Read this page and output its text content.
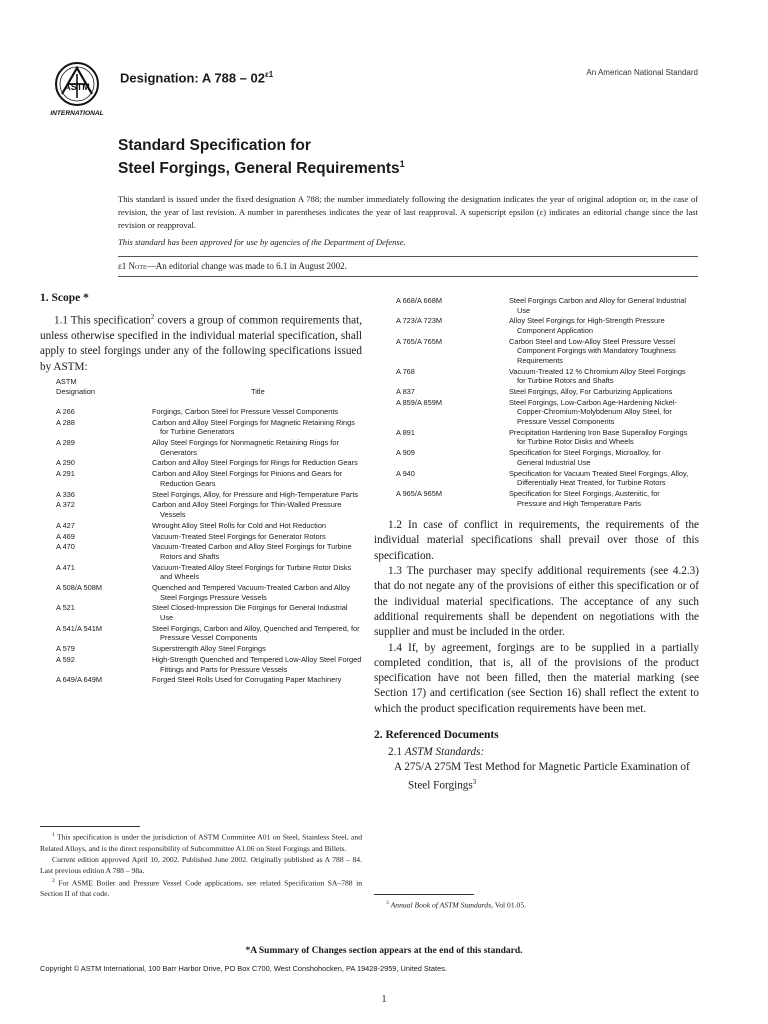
ASTM
INTERNATIONAL
Designation: A $788 - 02^{\varepsilon 1}$	An American National Standard
Standard Specification for
Steel Forgings, General Requirements$^1$
This standard is issued under the fixed designation A 788; the number immediately following the designation indicates the year of original adoption or, in the case of revision, the year of last revision. A number in parentheses indicates the year of last reapproval. A superscript epsilon (ε) indicates an editorial change since the last revision or reapproval.
This standard has been approved for use by agencies of the Department of Defense.
ε1 Note—An editorial change was made to 6.1 in August 2002.
1. Scope *

1.1 This specification$^2$ covers a group of common requirements that, unless otherwise specified in the individual material specification, shall apply to steel forgings under any of the following specifications issued by ASTM:

ASTM
Designation	Title
A 266	Forgings, Carbon Steel for Pressure Vessel Components
A 288	Carbon and Alloy Steel Forgings for Magnetic Retaining Rings for Turbine Generators
A 289	Alloy Steel Forgings for Nonmagnetic Retaining Rings for Generators
A 290	Carbon and Alloy Steel Forgings for Rings for Reduction Gears
A 291	Carbon and Alloy Steel Forgings for Pinions and Gears for Reduction Gears
A 336	Steel Forgings, Alloy, for Pressure and High-Temperature Parts
A 372	Carbon and Alloy Steel Forgings for Thin-Walled Pressure Vessels
A 427	Wrought Alloy Steel Rolls for Cold and Hot Reduction
A 469	Vacuum-Treated Steel Forgings for Generator Rotors
A 470	Vacuum-Treated Carbon and Alloy Steel Forgings for Turbine Rotors and Shafts
A 471	Vacuum-Treated Alloy Steel Forgings for Turbine Rotor Disks and Wheels
A 508/A 508M	Quenched and Tempered Vacuum-Treated Carbon and Alloy Steel Forgings Pressure Vessels
A 521	Steel Closed-Impression Die Forgings for General Industrial Use
A 541/A 541M	Steel Forgings, Carbon and Alloy, Quenched and Tempered, for Pressure Vessel Components
A 579	Superstrength Alloy Steel Forgings
A 592	High-Strength Quenched and Tempered Low-Alloy Steel Forged Fittings and Parts for Pressure Vessels
A 649/A 649M	Forged Steel Rolls Used for Corrugating Paper Machinery
A 668/A 668M	Steel Forgings Carbon and Alloy for General Industrial Use
A 723/A 723M	Alloy Steel Forgings for High-Strength Pressure Component Application
A 765/A 765M	Carbon Steel and Low-Alloy Steel Pressure Vessel Component Forgings with Mandatory Toughness Requirements
A 768	Vacuum-Treated 12 % Chromium Alloy Steel Forgings for Turbine Rotors and Shafts
A 837	Steel Forgings, Alloy, For Carburizing Applications
A 859/A 859M	Steel Forgings, Low-Carbon Age-Hardening Nickel-Copper-Chromium-Molybdenum Alloy Steel, for Pressure Vessel Components
A 891	Precipitation Hardening Iron Base Superalloy Forgings for Turbine Rotor Disks and Wheels
A 909	Specification for Steel Forgings, Microalloy, for General Industrial Use
A 940	Specification for Vacuum Treated Steel Forgings, Alloy, Differentially Heat Treated, for Turbine Rotors
A 965/A 965M	Specification for Steel Forgings, Austenitic, for Pressure and High Temperature Parts

1.2 In case of conflict in requirements, the requirements of the individual material specifications shall prevail over those of this specification.

1.3 The purchaser may specify additional requirements (see 4.2.3) that do not negate any of the provisions of either this specification or of the individual material specifications. The acceptance of any such additional requirements shall be dependent on negotiations with the supplier and must be included in the order.

1.4 If, by agreement, forgings are to be supplied in a partially completed condition, that is, all of the provisions of the product specification have not been filled, then the material marking (see Section 17) and certification (see Section 16) shall reflect the extent to which the product specification requirements have been met.

2. Referenced Documents

2.1 ASTM Standards:

A 275/A 275M Test Method for Magnetic Particle Examination of Steel Forgings$^3$

$^1$ This specification is under the jurisdiction of ASTM Committee A01 on Steel, Stainless Steel, and Related Alloys, and is the direct responsibility of Subcommittee A1.06 on Steel Forgings and Billets.

Current edition approved April 10, 2002. Published June 2002. Originally published as A 788 – 84. Last previous edition A 788 – 98a.

$^2$ For ASME Boiler and Pressure Vessel Code applications, see related Specification SA–788 in Section II of that code.

$^3$ Annual Book of ASTM Standards, Vol 01.05.

*A Summary of Changes section appears at the end of this standard.
Copyright © ASTM International, 100 Barr Harbor Drive, PO Box C700, West Conshohocken, PA 19428-2959, United States.
1
